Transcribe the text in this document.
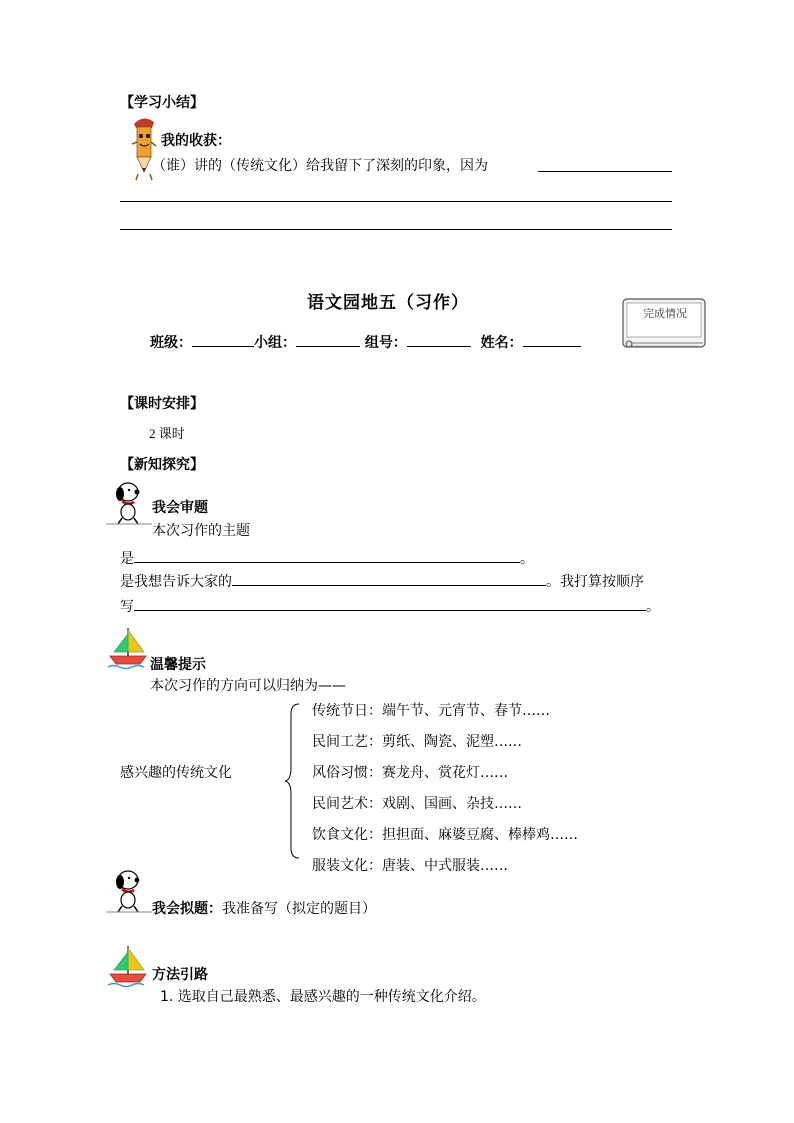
【学习小结】
我的收获：
（谁）讲的（传统文化）给我留下了深刻的印象，因为
语文园地五（习作）
完成情况
班级：	小组：	组号：	姓名：
【课时安排】
2 课时
【新知探究】
我会审题
本次习作的主题
是	。
是我想告诉大家的	。我打算按顺序
写	。
温馨提示
本次习作的方向可以归纳为——
感兴趣的传统文化
传统节日：端午节、元宵节、春节……
民间工艺：剪纸、陶瓷、泥塑……
风俗习惯：赛龙舟、赏花灯……
民间艺术：戏剧、国画、杂技……
饮食文化：担担面、麻婆豆腐、棒棒鸡……
服装文化：唐装、中式服装……
我会拟题：我准备写（拟定的题目）
方法引路
1. 选取自己最熟悉、最感兴趣的一种传统文化介绍。
